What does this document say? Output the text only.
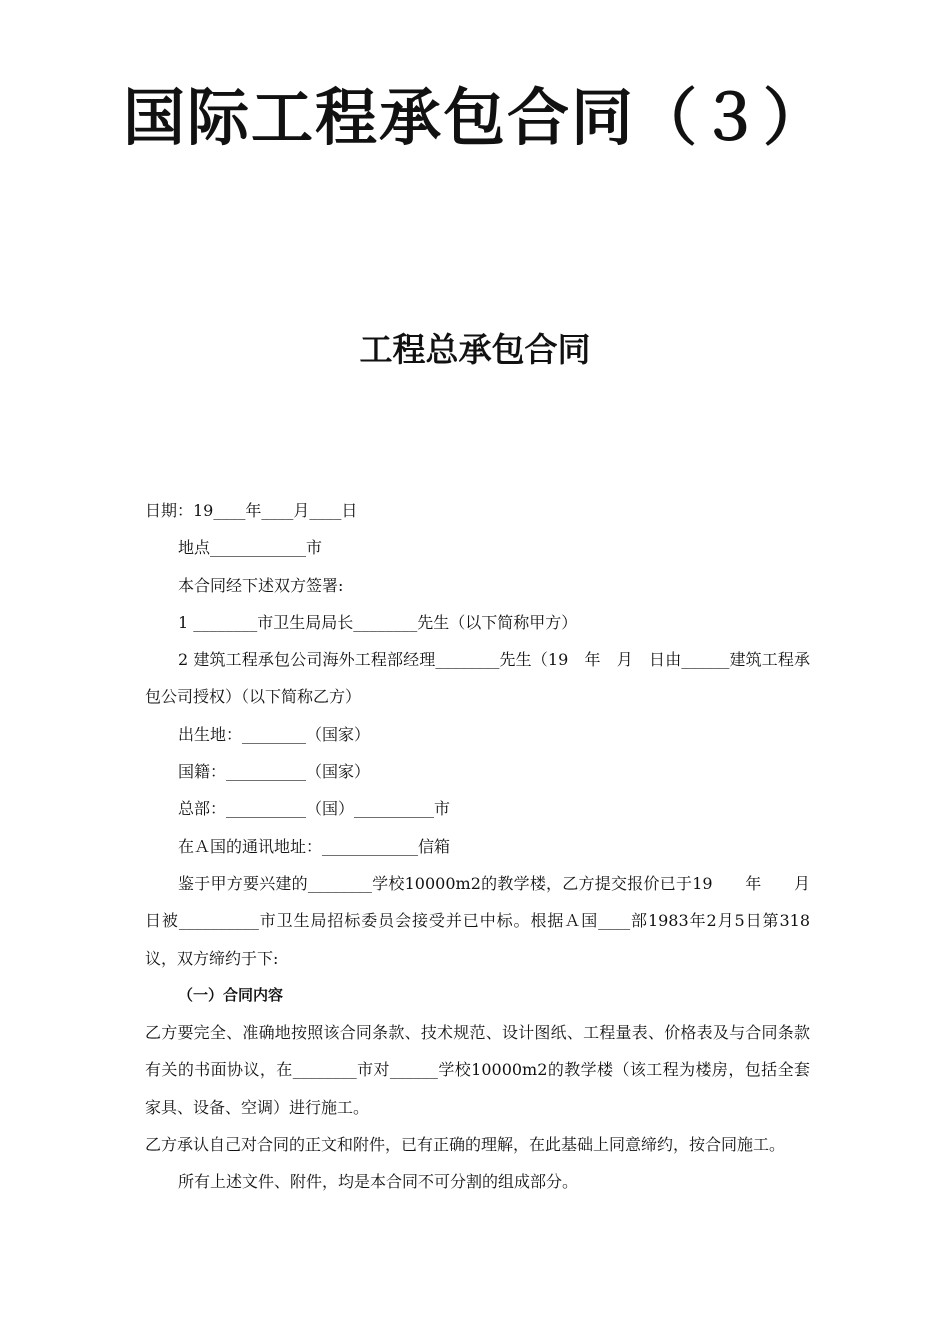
国际工程承包合同（３）
工程总承包合同

日期：19____年____月____日

地点____________市

本合同经下述双方签署:

1 ________市卫生局局长________先生（以下简称甲方）

2 建筑工程承包公司海外工程部经理________先生（19　年　月　日由______建筑工程承包公司授权）（以下简称乙方）

出生地：________（国家）

国籍：__________（国家）

总部：__________（国）__________市

在Ａ国的通讯地址：____________信箱

鉴于甲方要兴建的________学校10000m2的教学楼，乙方提交报价已于19　　年　　月　　日被__________市卫生局招标委员会接受并已中标。根据Ａ国____部1983年2月5日第318议，双方缔约于下:

（一）合同内容

乙方要完全、准确地按照该合同条款、技术规范、设计图纸、工程量表、价格表及与合同条款有关的书面协议，在________市对______学校10000m2的教学楼（该工程为楼房，包括全套家具、设备、空调）进行施工。

乙方承认自己对合同的正文和附件，已有正确的理解，在此基础上同意缔约，按合同施工。

所有上述文件、附件，均是本合同不可分割的组成部分。
